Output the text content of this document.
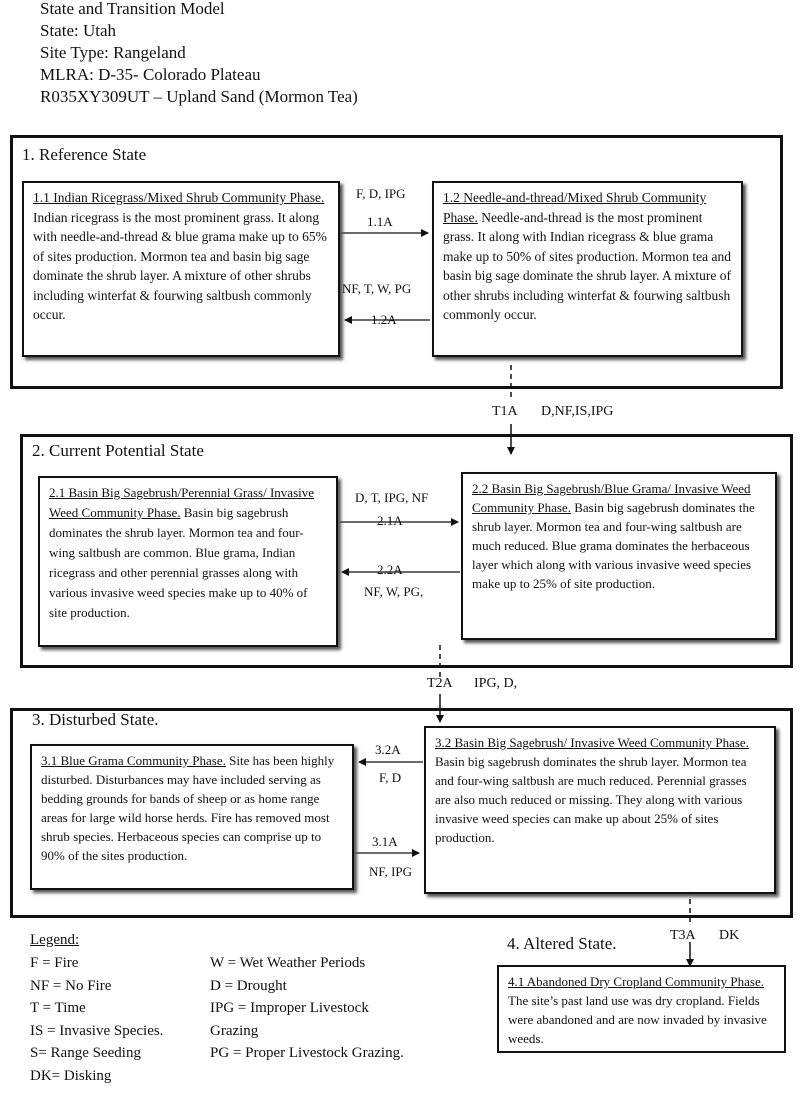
State and Transition Model
State: Utah
Site Type: Rangeland
MLRA: D-35- Colorado Plateau
R035XY309UT – Upland Sand (Mormon Tea)
1. Reference State
1.1 Indian Ricegrass/Mixed Shrub Community Phase. Indian ricegrass is the most prominent grass. It along with needle-and-thread & blue grama make up to 65% of sites production. Mormon tea and basin big sage dominate the shrub layer. A mixture of other shrubs including winterfat & fourwing saltbush commonly occur.
1.2 Needle-and-thread/Mixed Shrub Community Phase. Needle-and-thread is the most prominent grass. It along with Indian ricegrass & blue grama make up to 50% of sites production. Mormon tea and basin big sage dominate the shrub layer. A mixture of other shrubs including winterfat & fourwing saltbush commonly occur.
F, D, IPG
1.1A
NF, T, W, PG
1.2A
T1A D,NF,IS,IPG
2. Current Potential State
2.1 Basin Big Sagebrush/Perennial Grass/ Invasive Weed Community Phase. Basin big sagebrush dominates the shrub layer. Mormon tea and four-wing saltbush are common. Blue grama, Indian ricegrass and other perennial grasses along with various invasive weed species make up to 40% of site production.
2.2 Basin Big Sagebrush/Blue Grama/ Invasive Weed Community Phase. Basin big sagebrush dominates the shrub layer. Mormon tea and four-wing saltbush are much reduced. Blue grama dominates the herbaceous layer which along with various invasive weed species make up to 25% of site production.
D, T, IPG, NF
2.1A
2.2A
NF, W, PG,
T2A IPG, D,
3. Disturbed State.
3.1 Blue Grama Community Phase. Site has been highly disturbed. Disturbances may have included serving as bedding grounds for bands of sheep or as home range areas for large wild horse herds. Fire has removed most shrub species. Herbaceous species can comprise up to 90% of the sites production.
3.2 Basin Big Sagebrush/ Invasive Weed Community Phase. Basin big sagebrush dominates the shrub layer. Mormon tea and four-wing saltbush are much reduced. Perennial grasses are also much reduced or missing. They along with various invasive weed species can make up about 25% of sites production.
3.2A
F, D
3.1A
NF, IPG
T3A DK
4. Altered State.
4.1 Abandoned Dry Cropland Community Phase. The site’s past land use was dry cropland. Fields were abandoned and are now invaded by invasive weeds.
Legend:
F = Fire
NF = No Fire
T = Time
IS = Invasive Species.
S= Range Seeding
DK= Disking
W = Wet Weather Periods
D = Drought
IPG = Improper Livestock
Grazing
PG = Proper Livestock Grazing.
